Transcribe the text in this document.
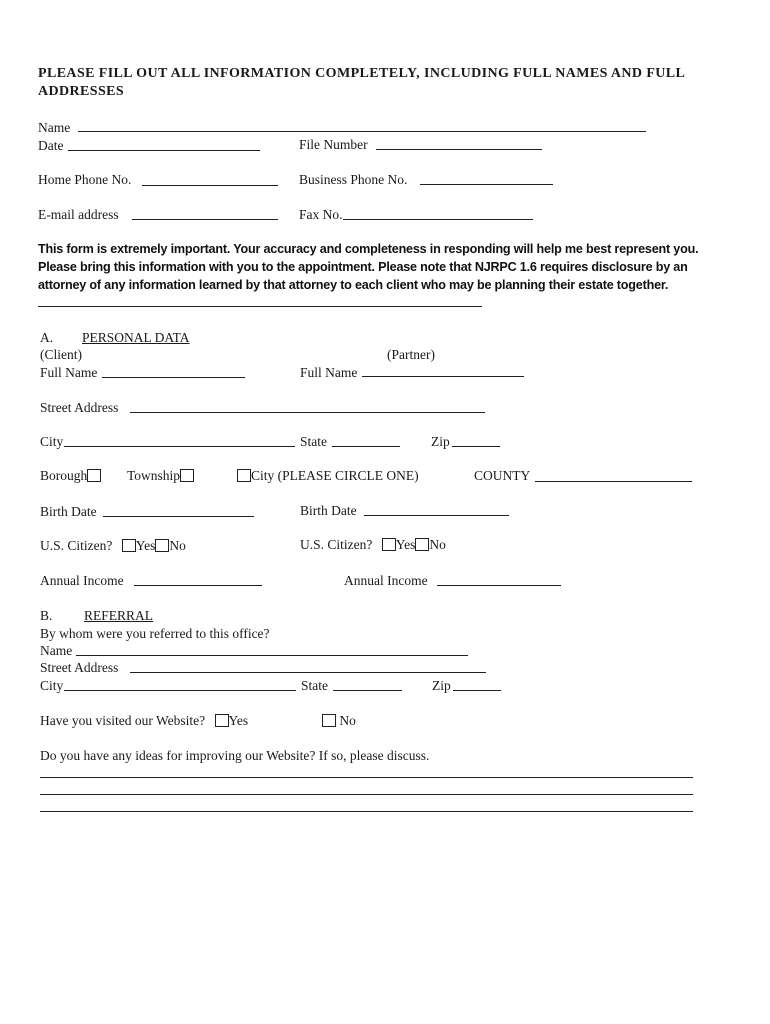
PLEASE FILL OUT ALL INFORMATION COMPLETELY, INCLUDING FULL NAMES AND FULL
ADDRESSES
Name
Date	File Number
Home Phone No.	Business Phone No.
E-mail address	Fax No.
This form is extremely important. Your accuracy and completeness in responding will help me best represent you.
Please bring this information with you to the appointment. Please note that NJRPC 1.6 requires disclosure by an
attorney of any information learned by that attorney to each client who may be planning their estate together.
A. PERSONAL DATA
(Client)	(Partner)
Full Name	Full Name
Street Address
City	State	Zip
Borough	Township	City (PLEASE CIRCLE ONE)	COUNTY
Birth Date	Birth Date
U.S. Citizen? Yes No	U.S. Citizen? Yes No
Annual Income	Annual Income
B. REFERRAL
By whom were you referred to this office?
Name
Street Address
City	State	Zip
Have you visited our Website? Yes	No
Do you have any ideas for improving our Website? If so, please discuss.
